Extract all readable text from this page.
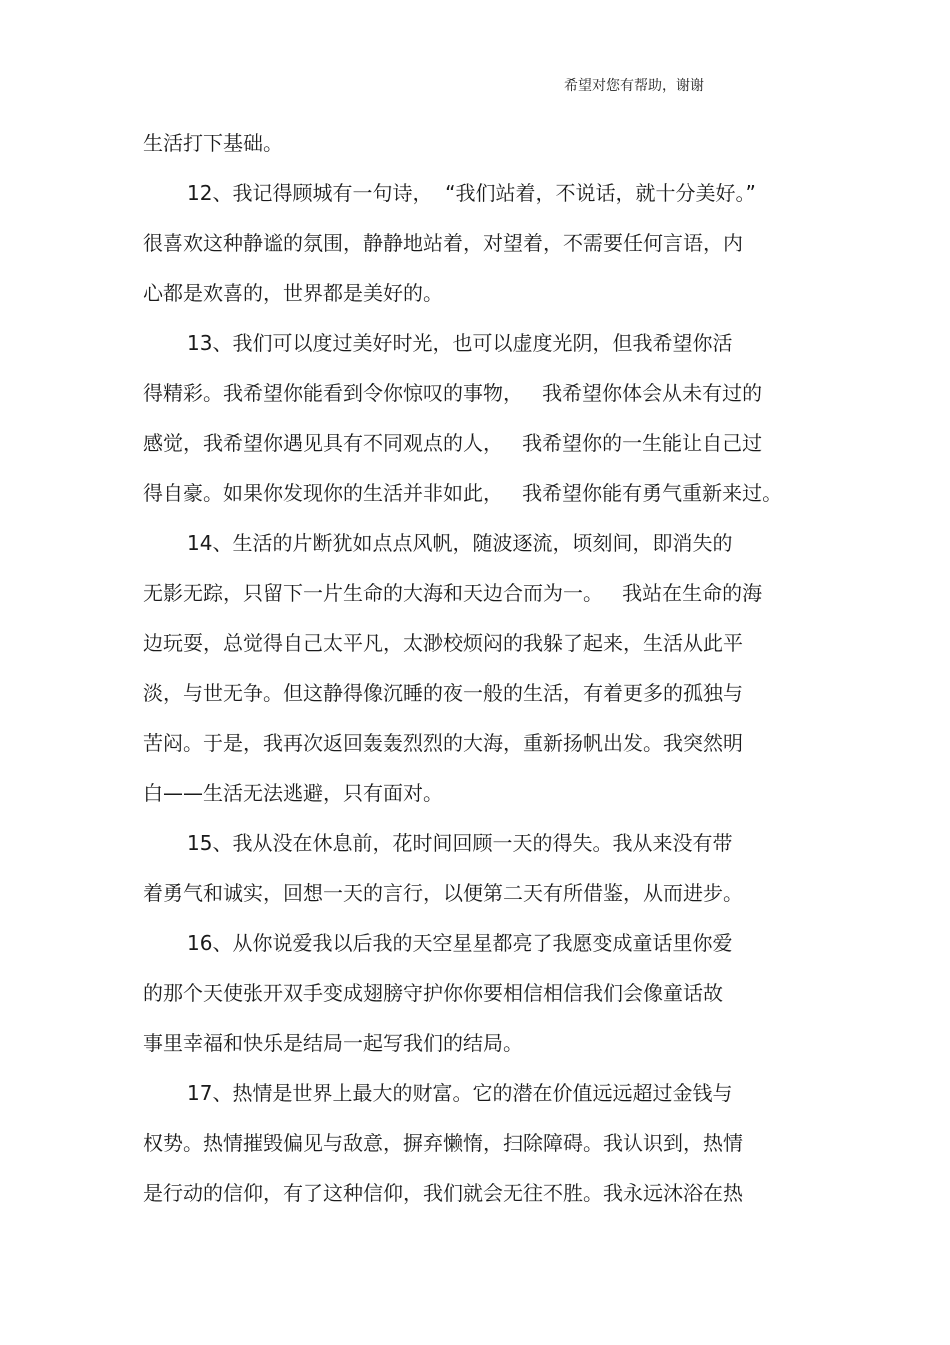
希望对您有帮助，谢谢
生活打下基础。
12、我记得顾城有一句诗，  “我们站着，不说话，就十分美好。”
很喜欢这种静谧的氛围，静静地站着，对望着，不需要任何言语，内
心都是欢喜的，世界都是美好的。
13、我们可以度过美好时光，也可以虚度光阴，但我希望你活
得精彩。我希望你能看到令你惊叹的事物，   我希望你体会从未有过的
感觉，我希望你遇见具有不同观点的人，   我希望你的一生能让自己过
得自豪。如果你发现你的生活并非如此，   我希望你能有勇气重新来过。
14、生活的片断犹如点点风帆，随波逐流，顷刻间，即消失的
无影无踪，只留下一片生命的大海和天边合而为一。   我站在生命的海
边玩耍，总觉得自己太平凡，太渺校烦闷的我躲了起来，生活从此平
淡，与世无争。但这静得像沉睡的夜一般的生活，有着更多的孤独与
苦闷。于是，我再次返回轰轰烈烈的大海，重新扬帆出发。我突然明
白——生活无法逃避，只有面对。
15、我从没在休息前，花时间回顾一天的得失。我从来没有带
着勇气和诚实，回想一天的言行，以便第二天有所借鉴，从而进步。
16、从你说爱我以后我的天空星星都亮了我愿变成童话里你爱
的那个天使张开双手变成翅膀守护你你要相信相信我们会像童话故
事里幸福和快乐是结局一起写我们的结局。
17、热情是世界上最大的财富。它的潜在价值远远超过金钱与
权势。热情摧毁偏见与敌意，摒弃懒惰，扫除障碍。我认识到，热情
是行动的信仰，有了这种信仰，我们就会无往不胜。我永远沐浴在热
